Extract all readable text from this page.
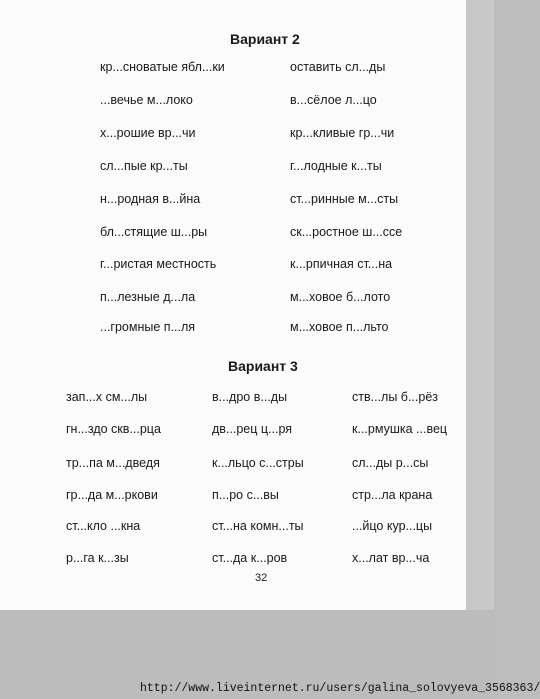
Вариант 2
кр...сноватые ябл...ки
...вечье м...локо
х...рошие вр...чи
сл...пые кр...ты
н...родная в...йна
бл...стящие ш...ры
г...ристая местность
п...лезные д...ла
...громные п...ля
оставить сл...ды
в...сёлое л...цо
кр...кливые гр...чи
г...лодные к...ты
ст...ринные м...сты
ск...ростное ш...ссе
к...рпичная ст...на
м...ховое б...лото
м...ховое п...льто
Вариант 3
зап...х см...лы
гн...здо скв...рца
тр...па м...дведя
гр...да м...ркови
ст...кло ...кна
р...га к...зы
в...дро в...ды
дв...рец ц...ря
к...льцо с...стры
п...ро с...вы
ст...на комн...ты
ст...да к...ров
ств...лы б...рёз
к...рмушка ...вец
сл...ды р...сы
стр...ла крана
...йцо кур...цы
х...лат вр...ча
32
http://www.liveinternet.ru/users/galina_solovyeva_3568363/
